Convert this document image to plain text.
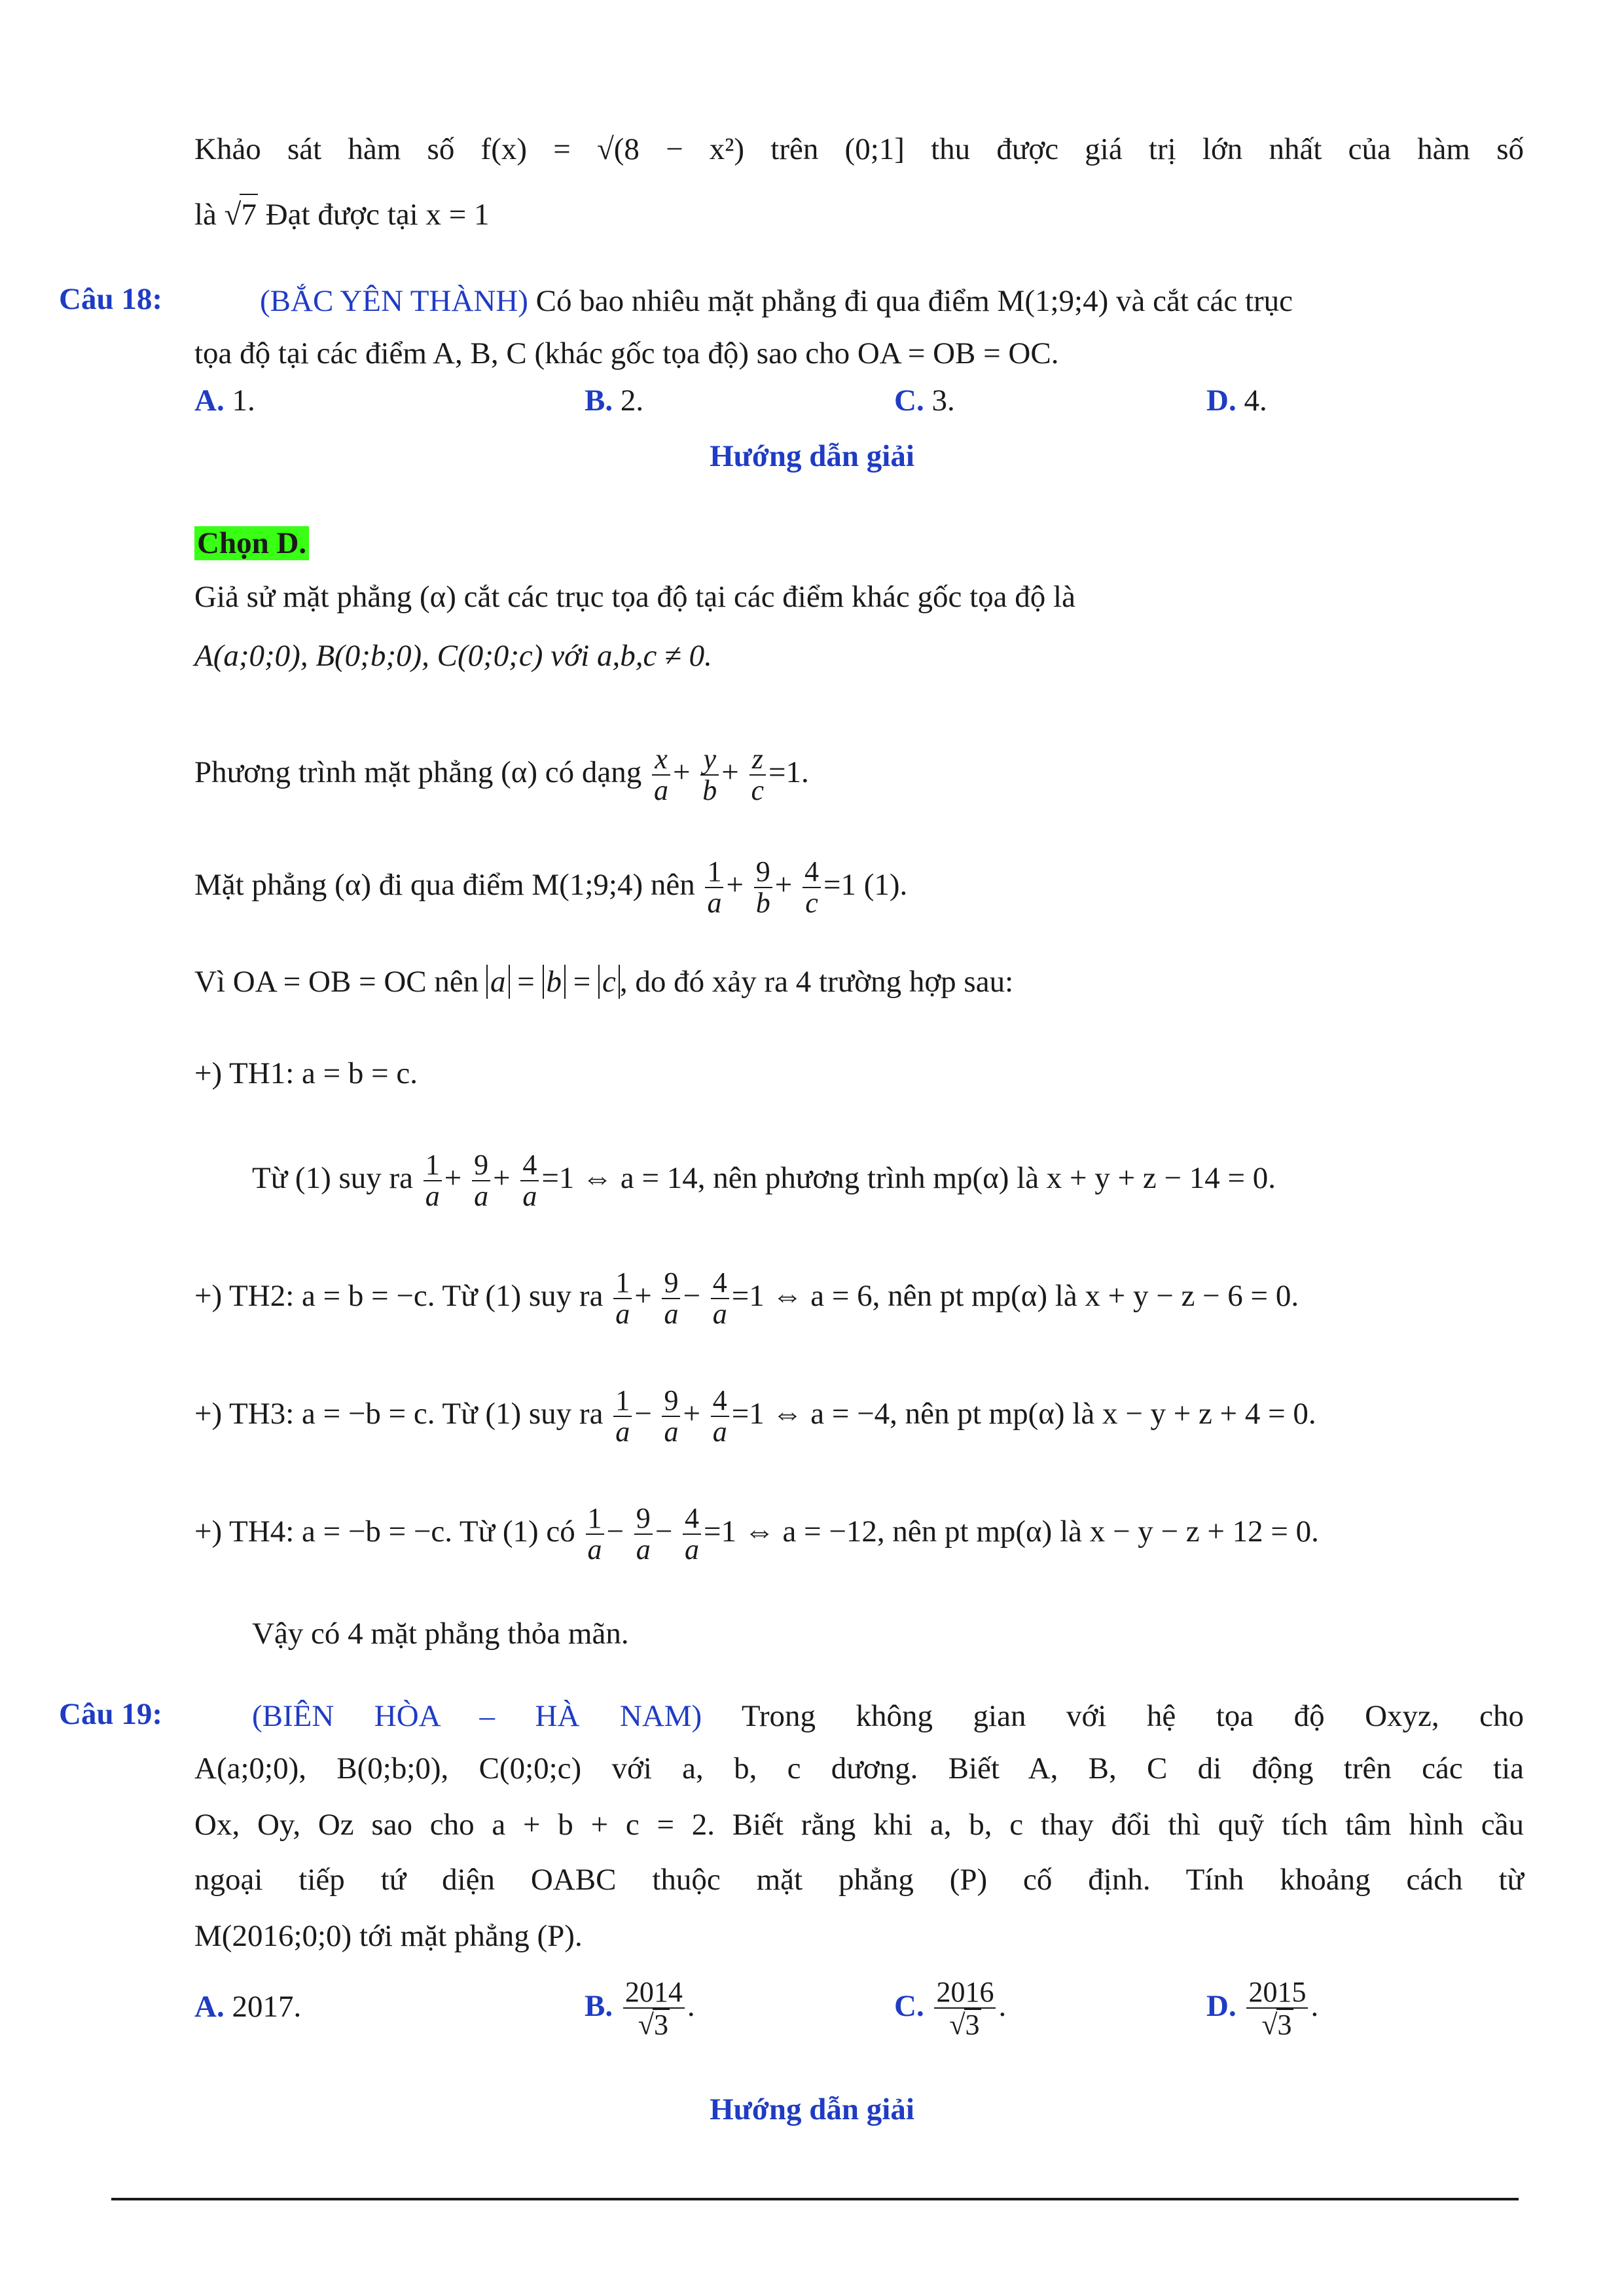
Khảo sát hàm số f(x) = √(8 − x²) trên (0;1] thu được giá trị lớn nhất của hàm số
là √7 Đạt được tại x = 1
Câu 18:	(BẮC YÊN THÀNH) Có bao nhiêu mặt phẳng đi qua điểm M(1;9;4) và cắt các trục
tọa độ tại các điểm A, B, C (khác gốc tọa độ) sao cho OA = OB = OC.
A. 1.	B. 2.	C. 3.	D. 4.
Hướng dẫn giải
Chọn D.
Giả sử mặt phẳng (α) cắt các trục tọa độ tại các điểm khác gốc tọa độ là
A(a;0;0), B(0;b;0), C(0;0;c) với a,b,c ≠ 0.
Phương trình mặt phẳng (α) có dạng $\frac{x}{a} + \frac{y}{b} + \frac{z}{c} =1$.
Mặt phẳng (α) đi qua điểm M(1;9;4) nên $\frac{1}{a} + \frac{9}{b} + \frac{4}{c} =1$ (1).
Vì OA = OB = OC nên a = b = c , do đó xảy ra 4 trường hợp sau:
+) TH1: a = b = c.
Từ (1) suy ra $\frac{1}{a} + \frac{9}{a} + \frac{4}{a} =1$ ⇔ a = 14, nên phương trình mp(α) là x + y + z − 14 = 0.
+) TH2: a = b = −c. Từ (1) suy ra $\frac{1}{a} + \frac{9}{a} - \frac{4}{a} =1$ ⇔ a = 6, nên pt mp(α) là x + y − z − 6 = 0.
+) TH3: a = −b = c. Từ (1) suy ra $\frac{1}{a} - \frac{9}{a} + \frac{4}{a} =1$ ⇔ a = −4, nên pt mp(α) là x − y + z + 4 = 0.
+) TH4: a = −b = −c. Từ (1) có $\frac{1}{a} - \frac{9}{a} - \frac{4}{a} =1$ ⇔ a = −12, nên pt mp(α) là x − y − z + 12 = 0.
Vậy có 4 mặt phẳng thỏa mãn.
Câu 19:	(BIÊN HÒA – HÀ NAM) Trong không gian với hệ tọa độ Oxyz, cho
A(a;0;0), B(0;b;0), C(0;0;c) với a, b, c dương. Biết A, B, C di động trên các tia
Ox, Oy, Oz sao cho a + b + c = 2. Biết rằng khi a, b, c thay đổi thì quỹ tích tâm hình cầu
ngoại tiếp tứ diện OABC thuộc mặt phẳng (P) cố định. Tính khoảng cách từ
M(2016;0;0) tới mặt phẳng (P).
A. 2017.	B. $\frac{2014}{√3}$ .	C. $\frac{2016}{√3}$ .	D. $\frac{2015}{√3}$ .
Hướng dẫn giải
